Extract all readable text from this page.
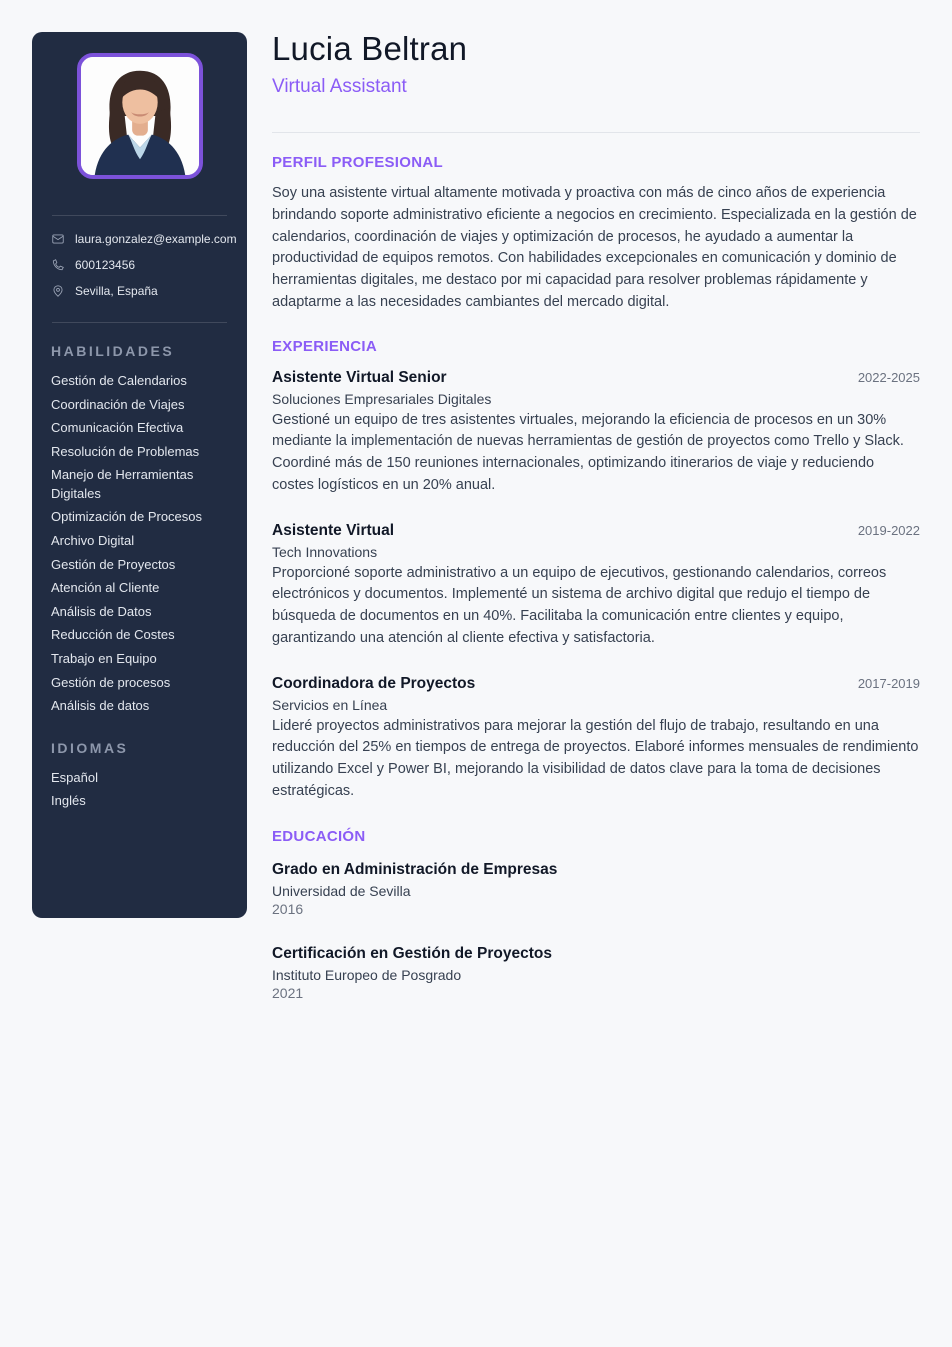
laura.gonzalez@example.com
600123456
Sevilla, España
HABILIDADES
Gestión de Calendarios
Coordinación de Viajes
Comunicación Efectiva
Resolución de Problemas
Manejo de Herramientas Digitales
Optimización de Procesos
Archivo Digital
Gestión de Proyectos
Atención al Cliente
Análisis de Datos
Reducción de Costes
Trabajo en Equipo
Gestión de procesos
Análisis de datos
IDIOMAS
Español
Inglés
Lucia Beltran
Virtual Assistant
PERFIL PROFESIONAL

Soy una asistente virtual altamente motivada y proactiva con más de cinco años de experiencia brindando soporte administrativo eficiente a negocios en crecimiento. Especializada en la gestión de calendarios, coordinación de viajes y optimización de procesos, he ayudado a aumentar la productividad de equipos remotos. Con habilidades excepcionales en comunicación y dominio de herramientas digitales, me destaco por mi capacidad para resolver problemas rápidamente y adaptarme a las necesidades cambiantes del mercado digital.

EXPERIENCIA
Asistente Virtual Senior	2022-2025
Soluciones Empresariales Digitales

Gestioné un equipo de tres asistentes virtuales, mejorando la eficiencia de procesos en un 30% mediante la implementación de nuevas herramientas de gestión de proyectos como Trello y Slack. Coordiné más de 150 reuniones internacionales, optimizando itinerarios de viaje y reduciendo costes logísticos en un 20% anual.

Asistente Virtual	2019-2022
Tech Innovations

Proporcioné soporte administrativo a un equipo de ejecutivos, gestionando calendarios, correos electrónicos y documentos. Implementé un sistema de archivo digital que redujo el tiempo de búsqueda de documentos en un 40%. Facilitaba la comunicación entre clientes y equipo, garantizando una atención al cliente efectiva y satisfactoria.

Coordinadora de Proyectos	2017-2019
Servicios en Línea

Lideré proyectos administrativos para mejorar la gestión del flujo de trabajo, resultando en una reducción del 25% en tiempos de entrega de proyectos. Elaboré informes mensuales de rendimiento utilizando Excel y Power BI, mejorando la visibilidad de datos clave para la toma de decisiones estratégicas.

EDUCACIÓN
Grado en Administración de Empresas
Universidad de Sevilla
2016
Certificación en Gestión de Proyectos
Instituto Europeo de Posgrado
2021
